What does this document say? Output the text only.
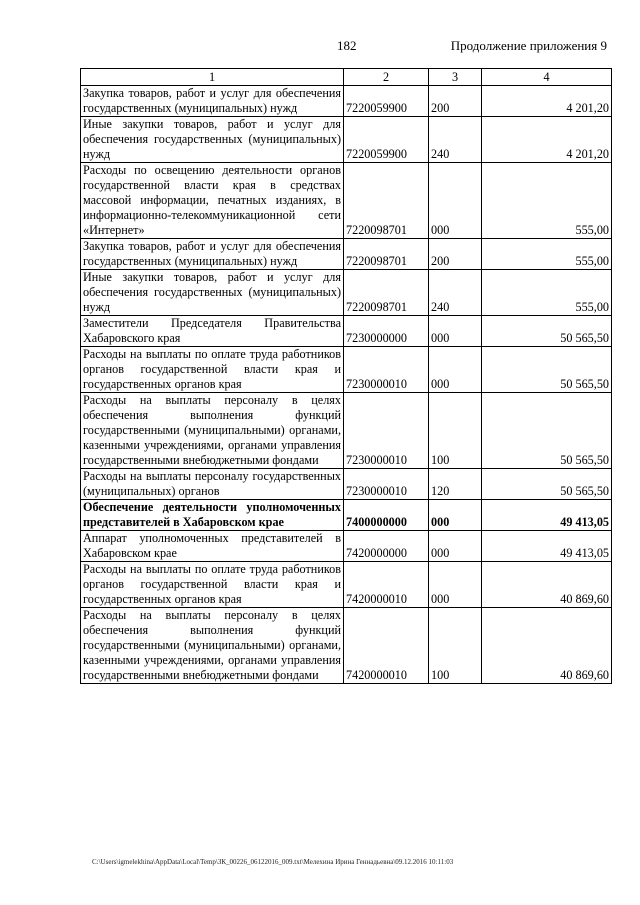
182	Продолжение приложения 9
1	2	3	4
Закупка товаров, работ и услуг для обеспечения государственных (муниципальных) нужд	7220059900	200	4 201,20
Иные закупки товаров, работ и услуг для обеспечения государственных (муниципальных) нужд	7220059900	240	4 201,20
Расходы по освещению деятельности органов государственной власти края в средствах массовой информации, печатных изданиях, в информационно-телекоммуникационной сети «Интернет»	7220098701	000	555,00
Закупка товаров, работ и услуг для обеспечения государственных (муниципальных) нужд	7220098701	200	555,00
Иные закупки товаров, работ и услуг для обеспечения государственных (муниципальных) нужд	7220098701	240	555,00
Заместители Председателя Правительства Хабаровского края	7230000000	000	50 565,50
Расходы на выплаты по оплате труда работников органов государственной власти края и государственных органов края	7230000010	000	50 565,50
Расходы на выплаты персоналу в целях обеспечения выполнения функций государственными (муниципальными) органами, казенными учреждениями, органами управления государственными внебюджетными фондами	7230000010	100	50 565,50
Расходы на выплаты персоналу государственных (муниципальных) органов	7230000010	120	50 565,50
Обеспечение деятельности уполномоченных представителей в Хабаровском крае	7400000000	000	49 413,05
Аппарат уполномоченных представителей в Хабаровском крае	7420000000	000	49 413,05
Расходы на выплаты по оплате труда работников органов государственной власти края и государственных органов края	7420000010	000	40 869,60
Расходы на выплаты персоналу в целях обеспечения выполнения функций государственными (муниципальными) органами, казенными учреждениями, органами управления государственными внебюджетными фондами	7420000010	100	40 869,60
C:\Users\igmelekhina\AppData\Local\Temp\ЗК_00226_06122016_009.txt\Мелехина Ирина Геннадьевна\09.12.2016 10:11:03
